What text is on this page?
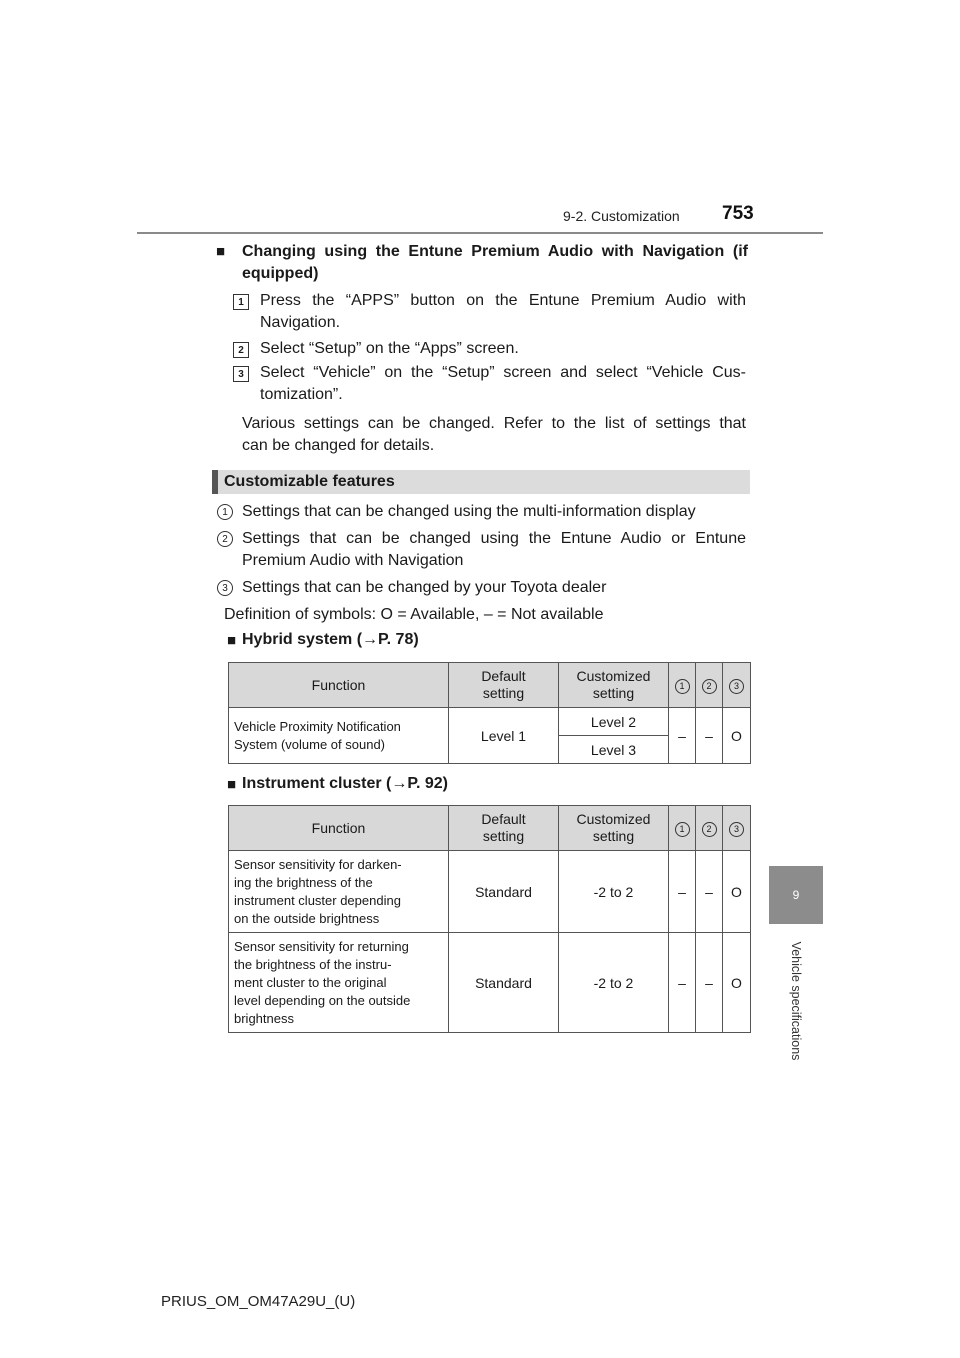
9-2. Customization 753
9
Vehicle specifications
■ Changing using the Entune Premium Audio with Navigation (if
equipped)
1 Press the “APPS” button on the Entune Premium Audio with
Navigation.
2 Select “Setup” on the “Apps” screen.
3 Select “Vehicle” on the “Setup” screen and select “Vehicle Cus-
tomization”.
Various settings can be changed. Refer to the list of settings that
can be changed for details.
Customizable features
1 Settings that can be changed using the multi-information display
2 Settings that can be changed using the Entune Audio or Entune
Premium Audio with Navigation
3 Settings that can be changed by your Toyota dealer
Definition of symbols: O = Available, – = Not available
■ Hybrid system (→P. 78)
Function	Default
setting	Customized
setting	1	2	3
Vehicle Proximity Notification
System (volume of sound)	Level 1	Level 2	–	–	O
		Level 3			
■ Instrument cluster (→P. 92)
Function	Default
setting	Customized
setting	1	2	3
Sensor sensitivity for darken-
ing the brightness of the
instrument cluster depending
on the outside brightness	Standard	-2 to 2	–	–	O
Sensor sensitivity for returning
the brightness of the instru-
ment cluster to the original
level depending on the outside
brightness	Standard	-2 to 2	–	–	O
PRIUS_OM_OM47A29U_(U)
